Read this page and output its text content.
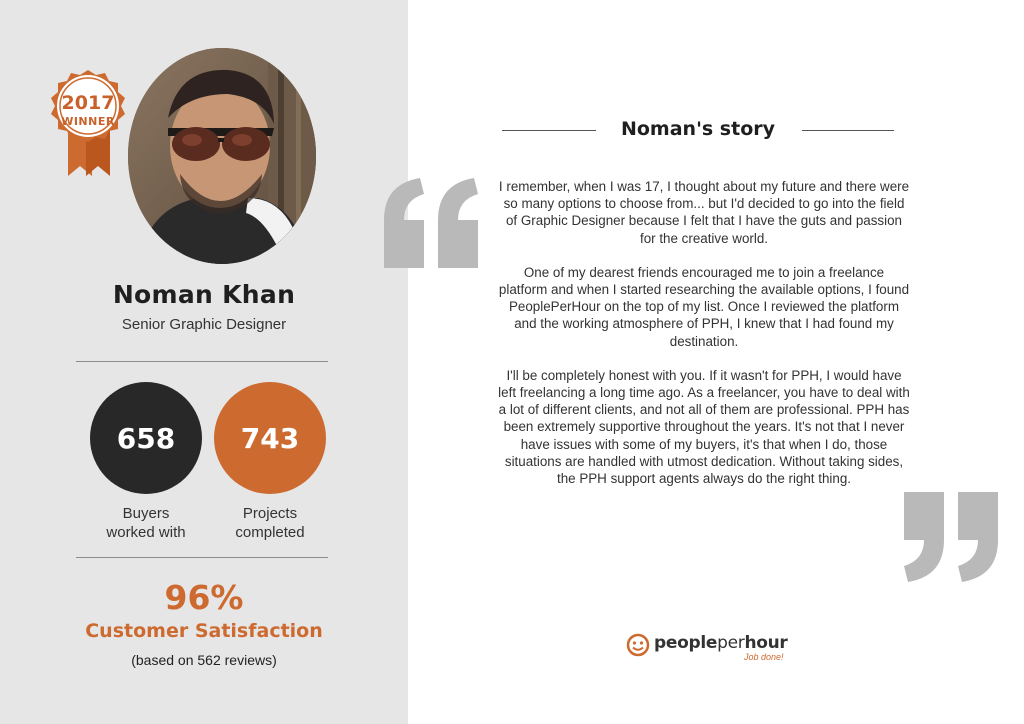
2017
WINNER
Noman Khan
Senior Graphic Designer
658	743
Buyers
worked with
Projects
completed
96%
Customer Satisfaction
(based on 562 reviews)
Noman's story

I remember, when I was 17, I thought about my future and there were so many options to choose from... but I'd decided to go into the field of Graphic Designer because I felt that I have the guts and passion for the creative world.

One of my dearest friends encouraged me to join a freelance platform and when I started researching the available options, I found PeoplePerHour on the top of my list. Once I reviewed the platform and the working atmosphere of PPH, I knew that I had found my destination.

I'll be completely honest with you. If it wasn't for PPH, I would have left freelancing a long time ago. As a freelancer, you have to deal with a lot of different clients, and not all of them are professional. PPH has been extremely supportive throughout the years. It's not that I never have issues with some of my buyers, it's that when I do, those situations are handled with utmost dedication. Without taking sides, the PPH support agents always do the right thing.

peopleperhour
Job done!
